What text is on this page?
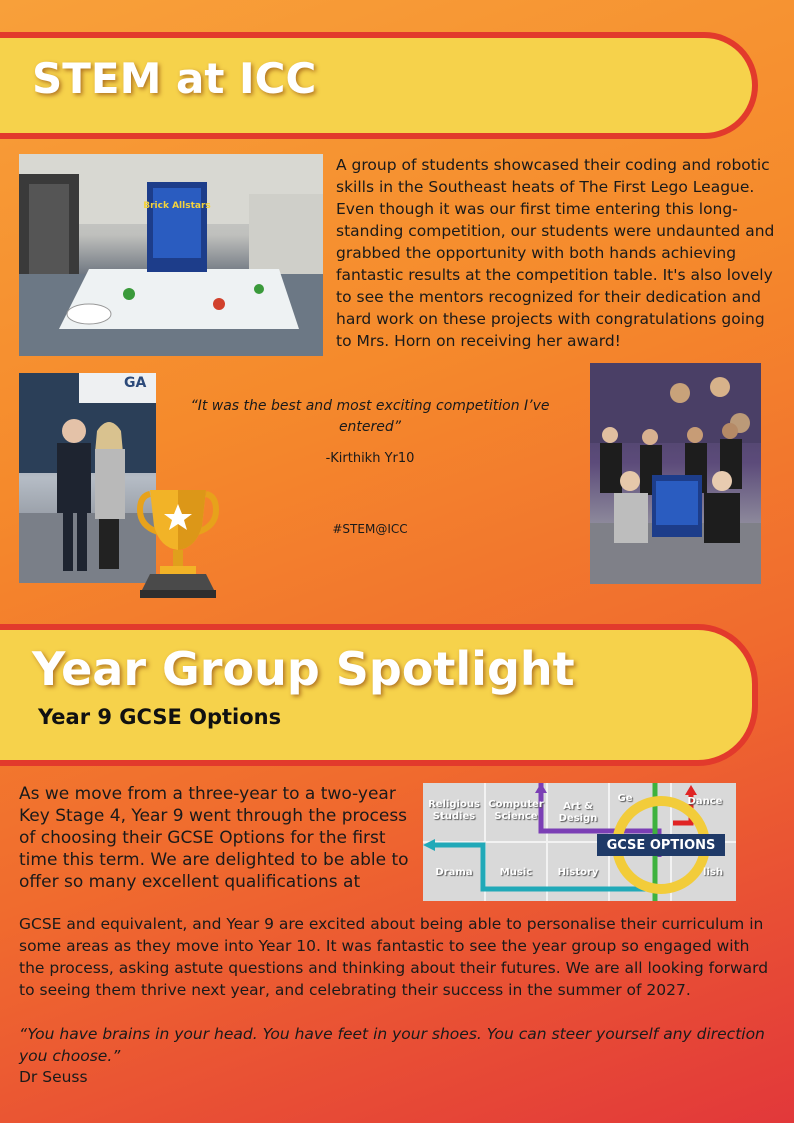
STEM at ICC
Brick Allstars

A group of students showcased their coding and robotic skills in the Southeast heats of The First Lego League. Even though it was our first time entering this long-standing competition, our students were undaunted and grabbed the opportunity with both hands achieving fantastic results at the competition table. It's also lovely to see the mentors recognized for their dedication and hard work on these projects with congratulations going to Mrs. Horn on receiving her award!

GA

“It was the best and most exciting competition I’ve entered”

-Kirthikh Yr10
#STEM@ICC
Year Group Spotlight
Year 9 GCSE Options

As we move from a three-year to a two-year Key Stage 4, Year 9 went through the process of choosing their GCSE Options for the first time this term. We are delighted to be able to offer so many excellent qualifications at

Religious Studies
Computer Science
Art & Design
Ge	Dance
Drama	Music	History	lish
GCSE OPTIONS

GCSE and equivalent, and Year 9 are excited about being able to personalise their curriculum in some areas as they move into Year 10. It was fantastic to see the year group so engaged with the process, asking astute questions and thinking about their futures. We are all looking forward to seeing them thrive next year, and celebrating their success in the summer of 2027.

“You have brains in your head. You have feet in your shoes. You can steer yourself any direction you choose.”

Dr Seuss
